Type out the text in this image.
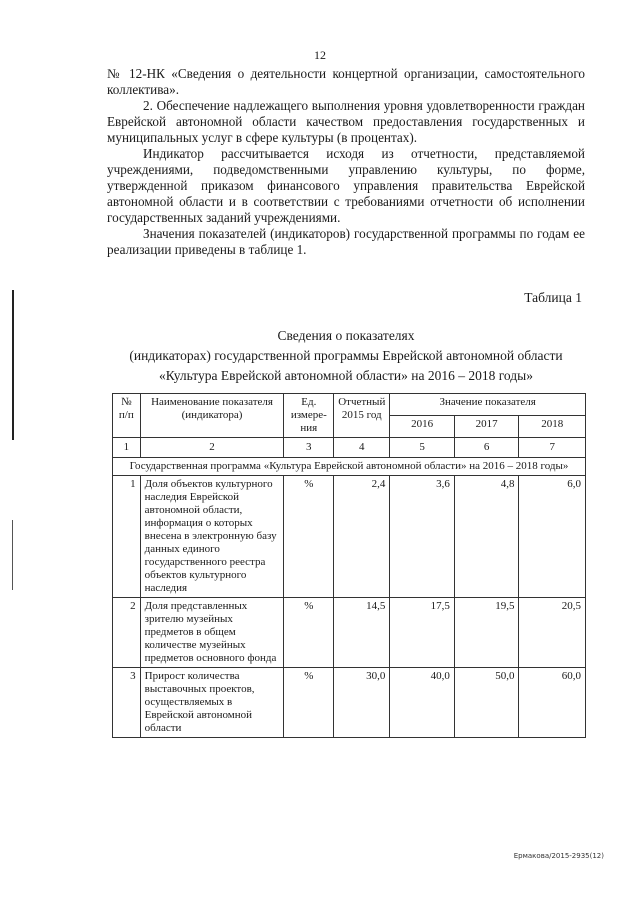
12

№ 12-НК «Сведения о деятельности концертной организации, самостоятельного коллектива».

2. Обеспечение надлежащего выполнения уровня удовлетворенности граждан Еврейской автономной области качеством предоставления государственных и муниципальных услуг в сфере культуры (в процентах).

Индикатор рассчитывается исходя из отчетности, представляемой учреждениями, подведомственными управлению культуры, по форме, утвержденной приказом финансового управления правительства Еврейской автономной области и в соответствии с требованиями отчетности об исполнении государственных заданий учреждениями.

Значения показателей (индикаторов) государственной программы по годам ее реализации приведены в таблице 1.

Таблица 1
Сведения о показателях
(индикаторах) государственной программы Еврейской автономной области
«Культура Еврейской автономной области» на 2016 – 2018 годы»
№ п/п	Наименование показателя (индикатора)	Ед. измере-ния	Отчетный 2015 год	Значение показателя		
				2016	2017	2018
1	2	3	4	5	6	7
Государственная программа «Культура Еврейской автономной области» на 2016 – 2018 годы»						
1	Доля объектов культурного наследия Еврейской автономной области, информация о которых внесена в электронную базу данных единого государственного реестра объектов культурного наследия	%	2,4	3,6	4,8	6,0
2	Доля представленных зрителю музейных предметов в общем количестве музейных предметов основного фонда	%	14,5	17,5	19,5	20,5
3	Прирост количества выставочных проектов, осуществляемых в Еврейской автономной области	%	30,0	40,0	50,0	60,0
Ермакова/2015-2935(12)
